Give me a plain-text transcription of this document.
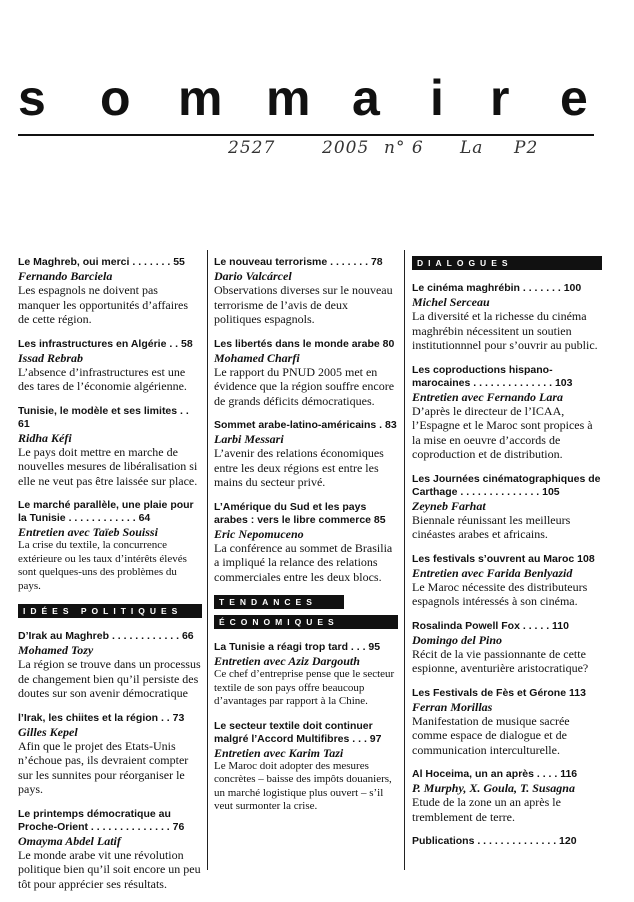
s o m m a i r e
2527	2005 n° 6 La P2
Le Maghreb, oui merci . . . . . . . 55
Fernando Barciela
Les espagnols ne doivent pas manquer les opportunités d’affaires de cette région.
Les infrastructures en Algérie . . 58
Issad Rebrab
L’absence d’infrastructures est une des tares de l’économie algérienne.
Tunisie, le modèle et ses limites . . 61
Ridha Kéfi
Le pays doit mettre en marche de nouvelles mesures de libéralisation si elle ne veut pas être laissée sur place.
Le marché parallèle, une plaie pour la Tunisie . . . . . . . . . . . . 64
Entretien avec Taïeb Souissi
La crise du textile, la concurrence extérieure ou les taux d’intérêts élevés sont quelques-uns des problèmes du pays.
IDÉES POLITIQUES
D’Irak au Maghreb . . . . . . . . . . . . 66
Mohamed Tozy
La région se trouve dans un processus de changement bien qu’il persiste des doutes sur son avenir démocratique
l’Irak, les chiites et la région . . 73
Gilles Kepel
Afin que le projet des Etats-Unis n’échoue pas, ils devraient compter sur les sunnites pour réorganiser le pays.
Le printemps démocratique au Proche-Orient . . . . . . . . . . . . . . 76
Omayma Abdel Latif
Le monde arabe vit une révolution politique bien qu’il soit encore un peu tôt pour apprécier ses résultats.
Le nouveau terrorisme . . . . . . . 78
Dario Valcárcel
Observations diverses sur le nouveau terrorisme de l’avis de deux politiques espagnols.
Les libertés dans le monde arabe 80
Mohamed Charfi
Le rapport du PNUD 2005 met en évidence que la région souffre encore de grands déficits démocratiques.
Sommet arabe-latino-américains . 83
Larbi Messari
L’avenir des relations économiques entre les deux régions est entre les mains du secteur privé.
L’Amérique du Sud et les pays arabes : vers le libre commerce 85
Eric Nepomuceno
La conférence au sommet de Brasilia a impliqué la relance des relations commerciales entre les deux blocs.
TENDANCES
ÉCONOMIQUES
La Tunisie a réagi trop tard . . . 95
Entretien avec Aziz Dargouth
Ce chef d’entreprise pense que le secteur textile de son pays offre beaucoup d’avantages par rapport à la Chine.
Le secteur textile doit continuer malgré l’Accord Multifibres . . . 97
Entretien avec Karim Tazi
Le Maroc doit adopter des mesures concrètes – baisse des impôts douaniers, un marché logistique plus ouvert – s’il veut surmonter la crise.
DIALOGUES
Le cinéma maghrébin . . . . . . . 100
Michel Serceau
La diversité et la richesse du cinéma maghrébin nécessitent un soutien institutionnnel pour s’ouvrir au public.
Les coproductions hispano-marocaines . . . . . . . . . . . . . . 103
Entretien avec Fernando Lara
D’après le directeur de l’ICAA, l’Espagne et le Maroc sont propices à la mise en oeuvre d’accords de coproduction et de distribution.
Les Journées cinématographiques de Carthage . . . . . . . . . . . . . . 105
Zeyneb Farhat
Biennale réunissant les meilleurs cinéastes arabes et africains.
Les festivals s’ouvrent au Maroc 108
Entretien avec Farida Benlyazid
Le Maroc nécessite des distributeurs espagnols intéressés à son cinéma.
Rosalinda Powell Fox . . . . . 110
Domingo del Pino
Récit de la vie passionnante de cette espionne, aventurière aristocratique?
Les Festivals de Fès et Gérone 113
Ferran Morillas
Manifestation de musique sacrée comme espace de dialogue et de communication interculturelle.
Al Hoceima, un an après . . . . 116
P. Murphy, X. Goula, T. Susagna
Etude de la zone un an après le tremblement de terre.
Publications . . . . . . . . . . . . . . 120
